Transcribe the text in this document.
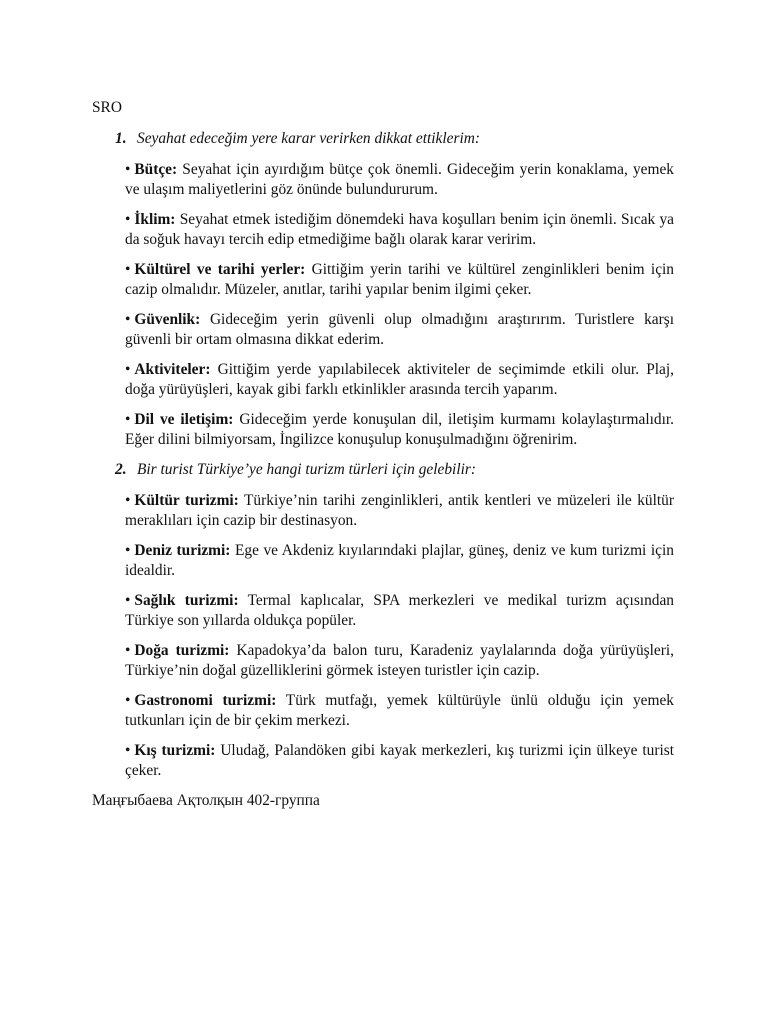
SRO
1. Seyahat edeceğim yere karar verirken dikkat ettiklerim:
• Bütçe: Seyahat için ayırdığım bütçe çok önemli. Gideceğim yerin konaklama, yemek ve ulaşım maliyetlerini göz önünde bulundururum.
• İklim: Seyahat etmek istediğim dönemdeki hava koşulları benim için önemli. Sıcak ya da soğuk havayı tercih edip etmediğime bağlı olarak karar veririm.
• Kültürel ve tarihi yerler: Gittiğim yerin tarihi ve kültürel zenginlikleri benim için cazip olmalıdır. Müzeler, anıtlar, tarihi yapılar benim ilgimi çeker.
• Güvenlik: Gideceğim yerin güvenli olup olmadığını araştırırım. Turistlere karşı güvenli bir ortam olmasına dikkat ederim.
• Aktiviteler: Gittiğim yerde yapılabilecek aktiviteler de seçimimde etkili olur. Plaj, doğa yürüyüşleri, kayak gibi farklı etkinlikler arasında tercih yaparım.
• Dil ve iletişim: Gideceğim yerde konuşulan dil, iletişim kurmamı kolaylaştırmalıdır. Eğer dilini bilmiyorsam, İngilizce konuşulup konuşulmadığını öğrenirim.
2. Bir turist Türkiye’ye hangi turizm türleri için gelebilir:
• Kültür turizmi: Türkiye’nin tarihi zenginlikleri, antik kentleri ve müzeleri ile kültür meraklıları için cazip bir destinasyon.
• Deniz turizmi: Ege ve Akdeniz kıyılarındaki plajlar, güneş, deniz ve kum turizmi için idealdir.
• Sağlık turizmi: Termal kaplıcalar, SPA merkezleri ve medikal turizm açısından Türkiye son yıllarda oldukça popüler.
• Doğa turizmi: Kapadokya’da balon turu, Karadeniz yaylalarında doğa yürüyüşleri, Türkiye’nin doğal güzelliklerini görmek isteyen turistler için cazip.
• Gastronomi turizmi: Türk mutfağı, yemek kültürüyle ünlü olduğu için yemek tutkunları için de bir çekim merkezi.
• Kış turizmi: Uludağ, Palandöken gibi kayak merkezleri, kış turizmi için ülkeye turist çeker.
Маңғыбаева Ақтолқын 402-группа
